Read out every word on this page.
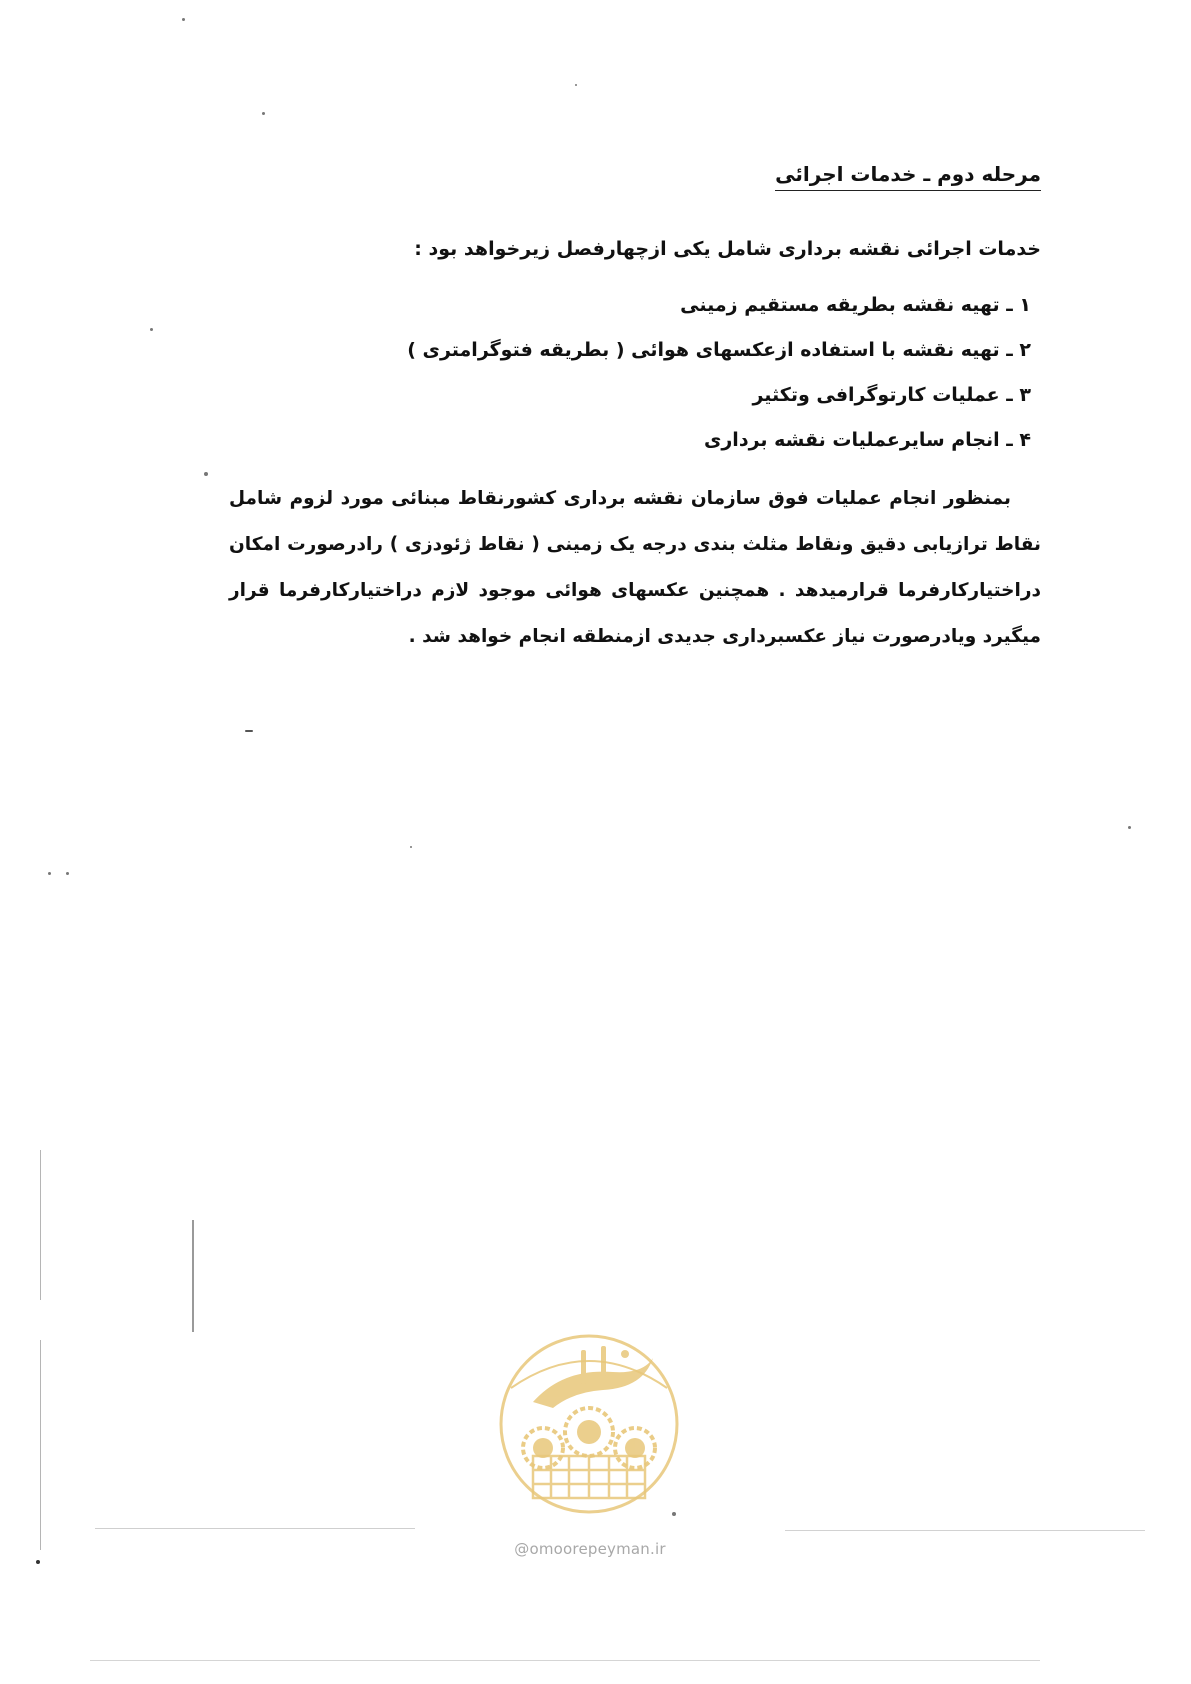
مرحله دوم ـ خدمات اجرائی
خدمات اجرائی نقشه برداری شامل یکی ازچهارفصل زیرخواهد بود :
۱ ـ تهیه نقشه بطریقه مستقیم زمینی
۲ ـ تهیه نقشه با استفاده ازعکسهای هوائی ( بطریقه فتوگرامتری )
۳ ـ عملیات کارتوگرافی وتکثیر
۴ ـ انجام سایرعملیات نقشه برداری
بمنظور انجام عملیات فوق سازمان نقشه برداری کشورنقاط مبنائی مورد لزوم شامل نقاط ترازیابی دقیق ونقاط مثلث بندی درجه یک زمینی ( نقاط ژئودزی ) رادرصورت امکان دراختیارکارفرما قرارمیدهد . همچنین عکسهای هوائی موجود لازم دراختیارکارفرما قرار میگیرد ویادرصورت نیاز عکسبرداری جدیدی ازمنطقه انجام خواهد شد .
@omoorepeyman.ir
